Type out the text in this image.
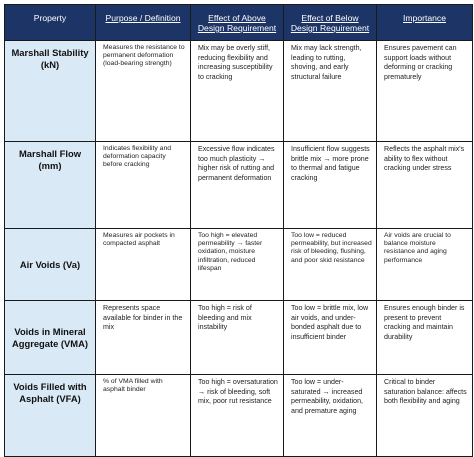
Property	Purpose / Definition	Effect of Above Design Requirement	Effect of Below Design Requirement	Importance
Marshall Stability (kN)	Measures the resistance to permanent deformation (load-bearing strength)	Mix may be overly stiff, reducing flexibility and increasing susceptibility to cracking	Mix may lack strength, leading to rutting, shoving, and early structural failure	Ensures pavement can support loads without deforming or cracking prematurely
Marshall Flow (mm)	Indicates flexibility and deformation capacity before cracking	Excessive flow indicates too much plasticity → higher risk of rutting and permanent deformation	Insufficient flow suggests brittle mix → more prone to thermal and fatigue cracking	Reflects the asphalt mix's ability to flex without cracking under stress
Air Voids (Va)	Measures air pockets in compacted asphalt	Too high = elevated permeability → faster oxidation, moisture infiltration, reduced lifespan	Too low = reduced permeability, but increased risk of bleeding, flushing, and poor skid resistance	Air voids are crucial to balance moisture resistance and aging performance
Voids in Mineral Aggregate (VMA)	Represents space available for binder in the mix	Too high = risk of bleeding and mix instability	Too low = brittle mix, low air voids, and under-bonded asphalt due to insufficient binder	Ensures enough binder is present to prevent cracking and maintain durability
Voids Filled with Asphalt (VFA)	% of VMA filled with asphalt binder	Too high = oversaturation → risk of bleeding, soft mix, poor rut resistance	Too low = under-saturated → increased permeability, oxidation, and premature aging	Critical to binder saturation balance: affects both flexibility and aging
